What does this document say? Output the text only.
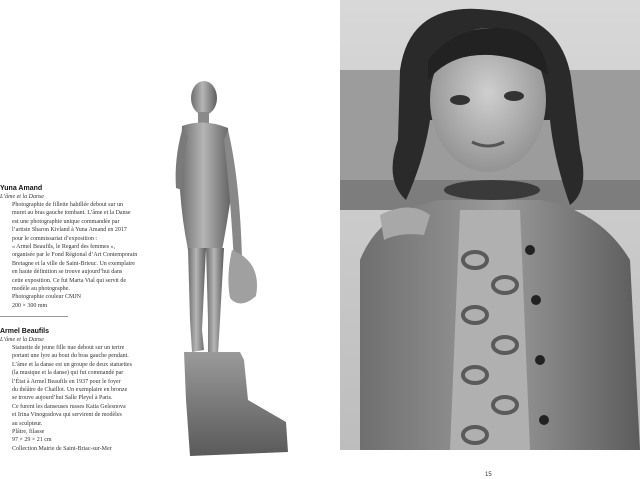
Yuna Amand
L’âme et la Danse
Photographie de fillette habillée debout sur un
muret au bras gauche tombant. L’âme et la Danse
est une photographie unique commandée par
l’artiste Sharon Kivland à Yuna Amand en 2017
pour le commissariat d’exposition :
« Armel Beaufils, le Regard des femmes »,
organisée par le Fond Régional d’Art Contemporain
Bretagne et la ville de Saint-Brieuc. Un exemplaire
en haute définition se trouve aujourd’hui dans
cette exposition. Ce fut Marta Vial qui servit de
modèle au photographe.
Photographie couleur CMJN
200 × 300 mm
Armel Beaufils
L’âme et la Danse
Statuette de jeune fille nue debout sur un tertre
portant une lyre au bout du bras gauche pendant.
L’âme et la danse est un groupe de deux statuettes
(la musique et la danse) qui fut commandé par
l’État à Armel Beaufils en 1937 pour le foyer
du théâtre de Chaillot. Un exemplaire en bronze
se trouve aujourd’hui Salle Pleyel à Paris.
Ce furent les danseuses russes Katia Gelesnova
et Irina Vinogradova qui servirent de modèles
au sculpteur.
Plâtre, filasse
97 × 29 × 21 cm
Collection Mairie de Saint-Briac-sur-Mer
15
